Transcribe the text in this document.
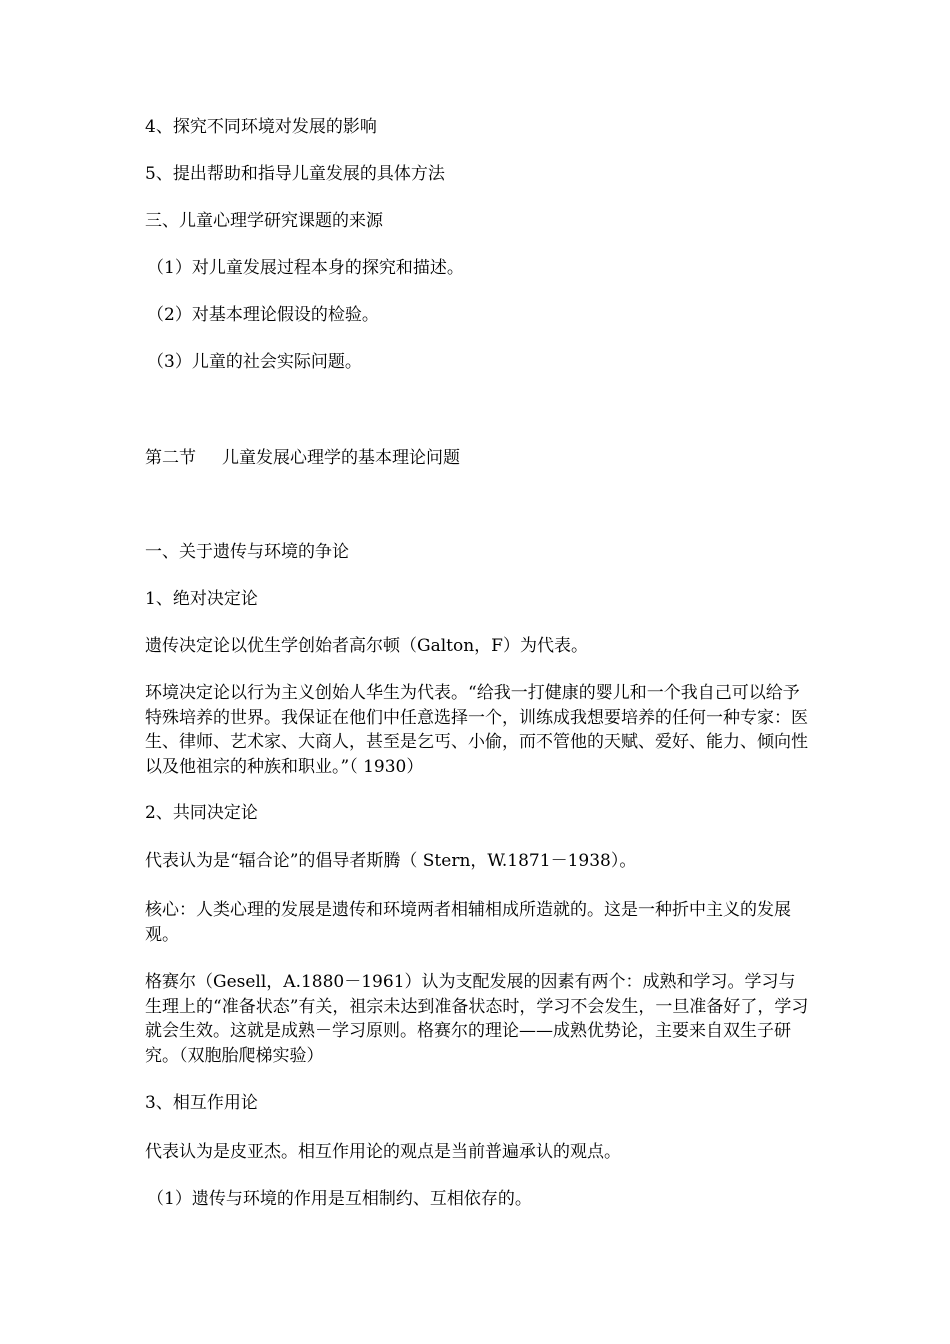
4、探究不同环境对发展的影响

5、提出帮助和指导儿童发展的具体方法

三、儿童心理学研究课题的来源

（1）对儿童发展过程本身的探究和描述。

（2）对基本理论假设的检验。

（3）儿童的社会实际问题。

第二节 儿童发展心理学的基本理论问题

一、关于遗传与环境的争论

1、绝对决定论

遗传决定论以优生学创始者高尔顿（Galton，F）为代表。

环境决定论以行为主义创始人华生为代表。“给我一打健康的婴儿和一个我自己可以给予特殊培养的世界。我保证在他们中任意选择一个，训练成我想要培养的任何一种专家：医生、律师、艺术家、大商人，甚至是乞丐、小偷，而不管他的天赋、爱好、能力、倾向性以及他祖宗的种族和职业。”（ 1930）

2、共同决定论

代表认为是“辐合论”的倡导者斯腾（ Stern，W.1871－1938）。

核心：人类心理的发展是遗传和环境两者相辅相成所造就的。这是一种折中主义的发展观。

格赛尔（Gesell，A.1880－1961）认为支配发展的因素有两个：成熟和学习。学习与生理上的“准备状态”有关，祖宗未达到准备状态时，学习不会发生，一旦准备好了，学习就会生效。这就是成熟－学习原则。格赛尔的理论——成熟优势论，主要来自双生子研究。（双胞胎爬梯实验）

3、相互作用论

代表认为是皮亚杰。相互作用论的观点是当前普遍承认的观点。

（1）遗传与环境的作用是互相制约、互相依存的。
